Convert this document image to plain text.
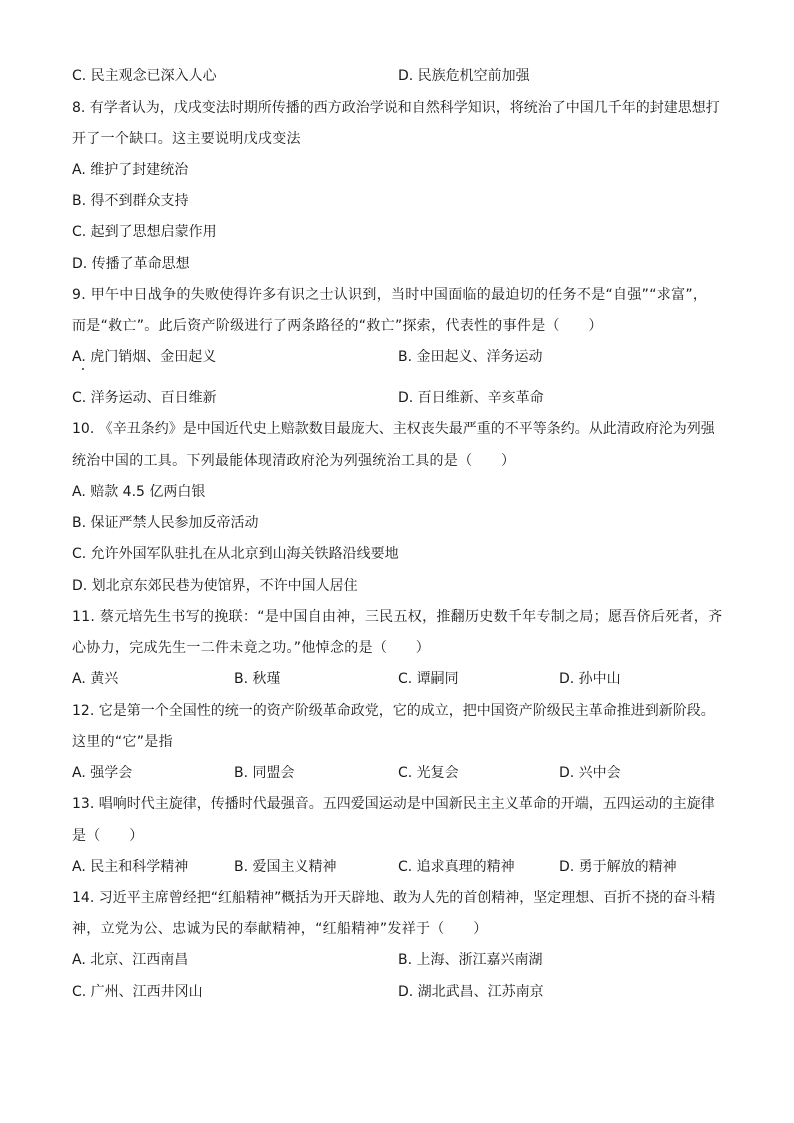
C. 民主观念已深入人心	D. 民族危机空前加强
8. 有学者认为，戊戌变法时期所传播的西方政治学说和自然科学知识，将统治了中国几千年的封建思想打
开了一个缺口。这主要说明戊戌变法
A. 维护了封建统治
B. 得不到群众支持
C. 起到了思想启蒙作用
D. 传播了革命思想
9. 甲午中日战争的失败使得许多有识之士认识到，当时中国面临的最迫切的任务不是“自强”“求富”，
而是“救亡”。此后资产阶级进行了两条路径的“救亡”探索，代表性的事件是（　　）
A. 虎门销烟、金田起义	B. 金田起义、洋务运动
C. 洋务运动、百日维新	D. 百日维新、辛亥革命
10. 《辛丑条约》是中国近代史上赔款数目最庞大、主权丧失最严重的不平等条约。从此清政府沦为列强
统治中国的工具。下列最能体现清政府沦为列强统治工具的是（　　）
A. 赔款 4.5 亿两白银
B. 保证严禁人民参加反帝活动
C. 允许外国军队驻扎在从北京到山海关铁路沿线要地
D. 划北京东郊民巷为使馆界，不许中国人居住
11. 蔡元培先生书写的挽联：“是中国自由神，三民五权，推翻历史数千年专制之局；愿吾侪后死者，齐
心协力，完成先生一二件未竟之功。”他悼念的是（　　）
A. 黄兴	B. 秋瑾	C. 谭嗣同	D. 孙中山
12. 它是第一个全国性的统一的资产阶级革命政党，它的成立，把中国资产阶级民主革命推进到新阶段。
这里的“它”是指
A. 强学会	B. 同盟会	C. 光复会	D. 兴中会
13. 唱响时代主旋律，传播时代最强音。五四爱国运动是中国新民主主义革命的开端，五四运动的主旋律
是（　　）
A. 民主和科学精神	B. 爱国主义精神	C. 追求真理的精神	D. 勇于解放的精神
14. 习近平主席曾经把“红船精神”概括为开天辟地、敢为人先的首创精神，坚定理想、百折不挠的奋斗精
神，立党为公、忠诚为民的奉献精神，“红船精神”发祥于（　　）
A. 北京、江西南昌	B. 上海、浙江嘉兴南湖
C. 广州、江西井冈山	D. 湖北武昌、江苏南京
